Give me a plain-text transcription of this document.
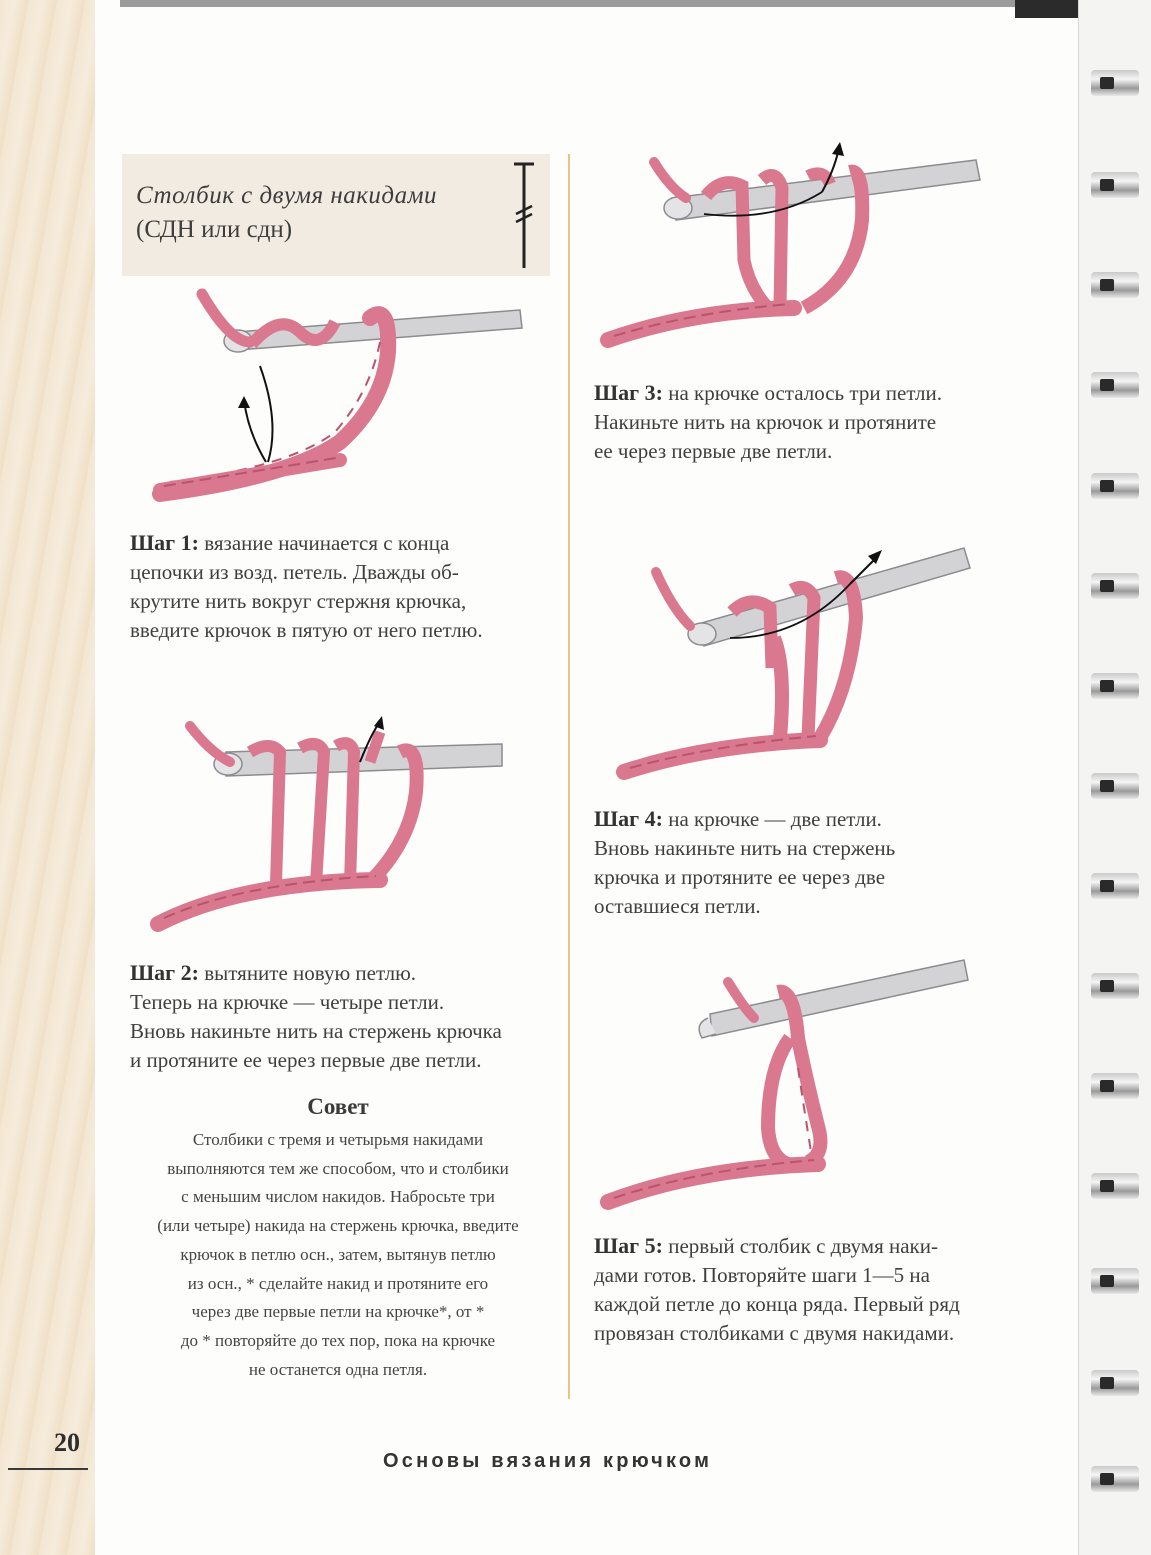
Столбик с двумя накидами
(СДН или сдн)
Шаг 1: вязание начинается с конца
цепочки из возд. петель. Дважды об-
крутите нить вокруг стержня крючка,
введите крючок в пятую от него петлю.
Шаг 2: вытяните новую петлю.
Теперь на крючке — четыре петли.
Вновь накиньте нить на стержень крючка
и протяните ее через первые две петли.
Совет
Столбики с тремя и четырьмя накидами
выполняются тем же способом, что и столбики
с меньшим числом накидов. Набросьте три
(или четыре) накида на стержень крючка, введите
крючок в петлю осн., затем, вытянув петлю
из осн., * сделайте накид и протяните его
через две первые петли на крючке*, от *
до * повторяйте до тех пор, пока на крючке
не останется одна петля.
Шаг 3: на крючке осталось три петли.
Накиньте нить на крючок и протяните
ее через первые две петли.
Шаг 4: на крючке — две петли.
Вновь накиньте нить на стержень
крючка и протяните ее через две
оставшиеся петли.
Шаг 5: первый столбик с двумя наки-
дами готов. Повторяйте шаги 1—5 на
каждой петле до конца ряда. Первый ряд
провязан столбиками с двумя накидами.
20
Основы вязания крючком
